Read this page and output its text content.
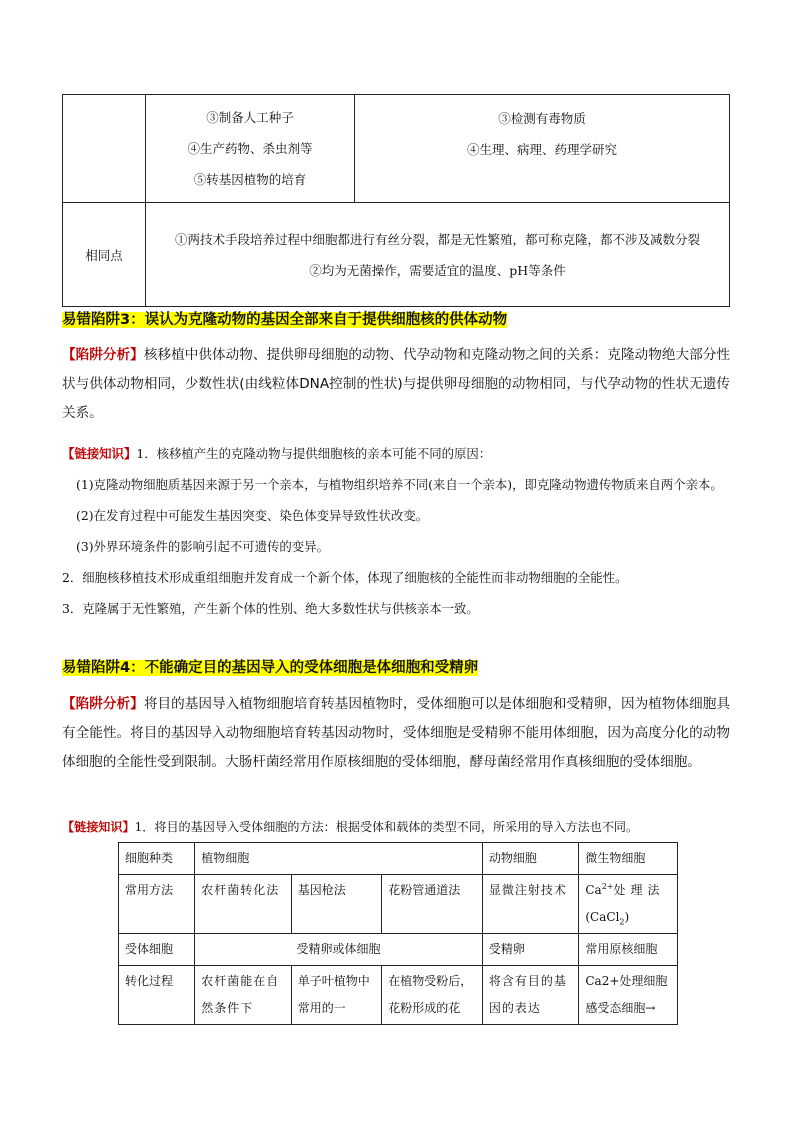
	③制备人工种子
④生产药物、杀虫剂等
⑤转基因植物的培育	③检测有毒物质
④生理、病理、药理学研究

相同点	①两技术手段培养过程中细胞都进行有丝分裂，都是无性繁殖，都可称克隆，都不涉及减数分裂
②均为无菌操作，需要适宜的温度、pH等条件	
易错陷阱3：误认为克隆动物的基因全部来自于提供细胞核的供体动物
【陷阱分析】核移植中供体动物、提供卵母细胞的动物、代孕动物和克隆动物之间的关系：克隆动物绝大部分性状与供体动物相同，少数性状(由线粒体DNA控制的性状)与提供卵母细胞的动物相同，与代孕动物的性状无遗传关系。
【链接知识】1．核移植产生的克隆动物与提供细胞核的亲本可能不同的原因：
(1)克隆动物细胞质基因来源于另一个亲本，与植物组织培养不同(来自一个亲本)，即克隆动物遗传物质来自两个亲本。
(2)在发育过程中可能发生基因突变、染色体变异导致性状改变。
(3)外界环境条件的影响引起不可遗传的变异。
2．细胞核移植技术形成重组细胞并发育成一个新个体，体现了细胞核的全能性而非动物细胞的全能性。
3．克隆属于无性繁殖，产生新个体的性别、绝大多数性状与供核亲本一致。
易错陷阱4：不能确定目的基因导入的受体细胞是体细胞和受精卵
【陷阱分析】将目的基因导入植物细胞培育转基因植物时，受体细胞可以是体细胞和受精卵，因为植物体细胞具有全能性。将目的基因导入动物细胞培育转基因动物时，受体细胞是受精卵不能用体细胞，因为高度分化的动物体细胞的全能性受到限制。大肠杆菌经常用作原核细胞的受体细胞，酵母菌经常用作真核细胞的受体细胞。
【链接知识】1．将目的基因导入受体细胞的方法：根据受体和载体的类型不同，所采用的导入方法也不同。
细胞种类	植物细胞			动物细胞	微生物细胞
常用方法	农杆菌转化法	基因枪法	花粉管通道法	显微注射技术	$Ca^{2+}$处理法
(CaCl$_2$)
受体细胞	受精卵或体细胞			受精卵	常用原核细胞
转化过程	农杆菌能在自然条件下	单子叶植物中常用的一	在植物受粉后，花粉形成的花	将含有目的基因的表达	Ca2+处理细胞感受态细胞→
